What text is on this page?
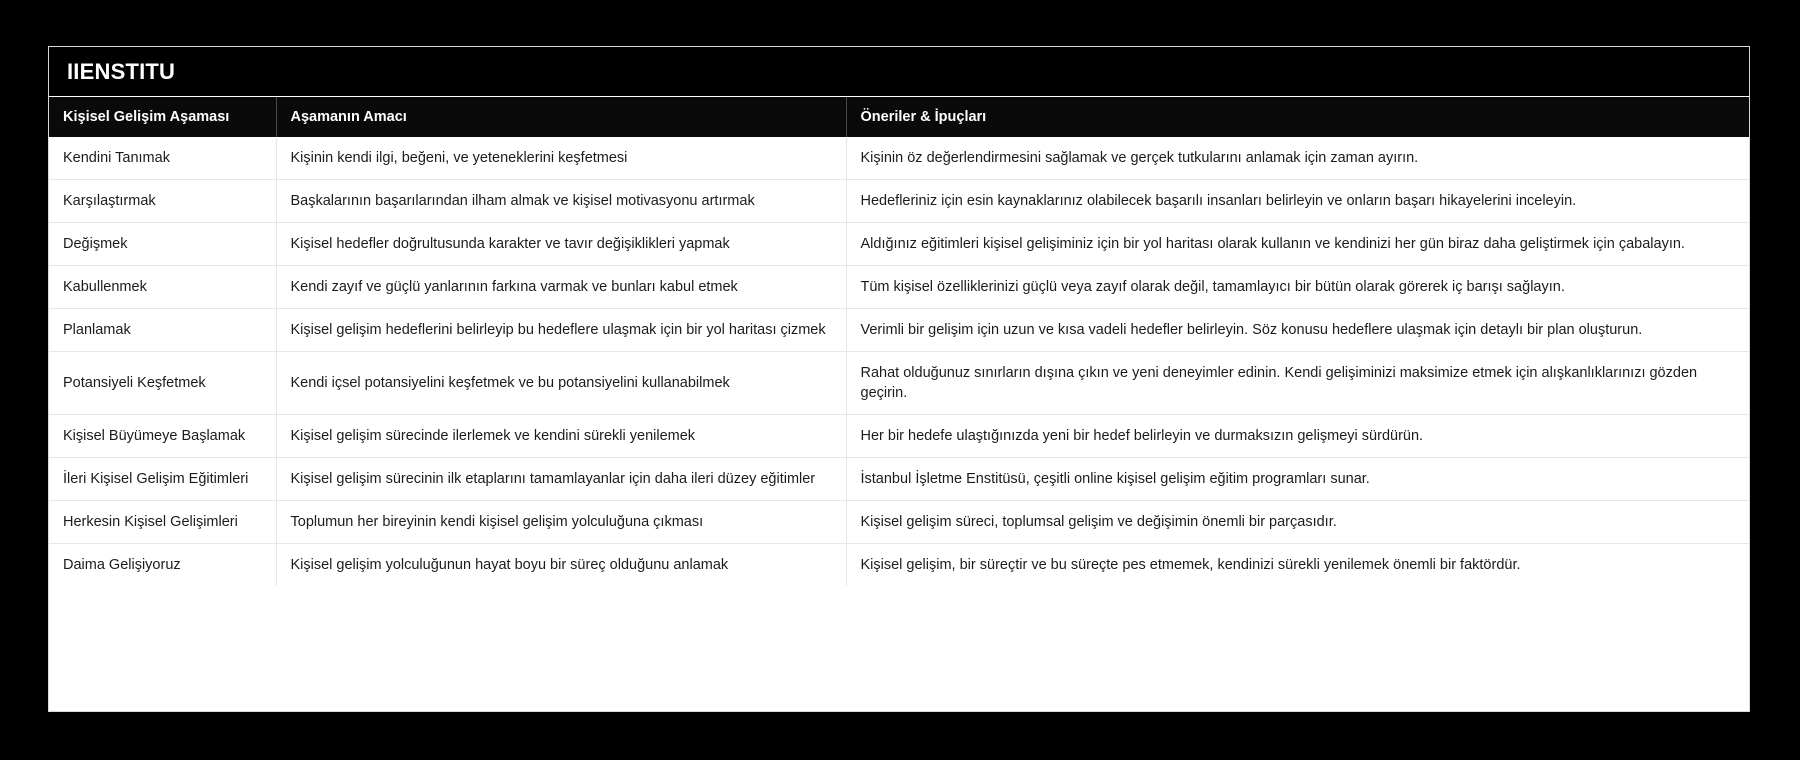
IIENSTITU
Kişisel Gelişim Aşaması	Aşamanın Amacı	Öneriler & İpuçları
Kendini Tanımak	Kişinin kendi ilgi, beğeni, ve yeteneklerini keşfetmesi	Kişinin öz değerlendirmesini sağlamak ve gerçek tutkularını anlamak için zaman ayırın.
Karşılaştırmak	Başkalarının başarılarından ilham almak ve kişisel motivasyonu artırmak	Hedefleriniz için esin kaynaklarınız olabilecek başarılı insanları belirleyin ve onların başarı hikayelerini inceleyin.
Değişmek	Kişisel hedefler doğrultusunda karakter ve tavır değişiklikleri yapmak	Aldığınız eğitimleri kişisel gelişiminiz için bir yol haritası olarak kullanın ve kendinizi her gün biraz daha geliştirmek için çabalayın.
Kabullenmek	Kendi zayıf ve güçlü yanlarının farkına varmak ve bunları kabul etmek	Tüm kişisel özelliklerinizi güçlü veya zayıf olarak değil, tamamlayıcı bir bütün olarak görerek iç barışı sağlayın.
Planlamak	Kişisel gelişim hedeflerini belirleyip bu hedeflere ulaşmak için bir yol haritası çizmek	Verimli bir gelişim için uzun ve kısa vadeli hedefler belirleyin. Söz konusu hedeflere ulaşmak için detaylı bir plan oluşturun.
Potansiyeli Keşfetmek	Kendi içsel potansiyelini keşfetmek ve bu potansiyelini kullanabilmek	Rahat olduğunuz sınırların dışına çıkın ve yeni deneyimler edinin. Kendi gelişiminizi maksimize etmek için alışkanlıklarınızı gözden geçirin.
Kişisel Büyümeye Başlamak	Kişisel gelişim sürecinde ilerlemek ve kendini sürekli yenilemek	Her bir hedefe ulaştığınızda yeni bir hedef belirleyin ve durmaksızın gelişmeyi sürdürün.
İleri Kişisel Gelişim Eğitimleri	Kişisel gelişim sürecinin ilk etaplarını tamamlayanlar için daha ileri düzey eğitimler	İstanbul İşletme Enstitüsü, çeşitli online kişisel gelişim eğitim programları sunar.
Herkesin Kişisel Gelişimleri	Toplumun her bireyinin kendi kişisel gelişim yolculuğuna çıkması	Kişisel gelişim süreci, toplumsal gelişim ve değişimin önemli bir parçasıdır.
Daima Gelişiyoruz	Kişisel gelişim yolculuğunun hayat boyu bir süreç olduğunu anlamak	Kişisel gelişim, bir süreçtir ve bu süreçte pes etmemek, kendinizi sürekli yenilemek önemli bir faktördür.
